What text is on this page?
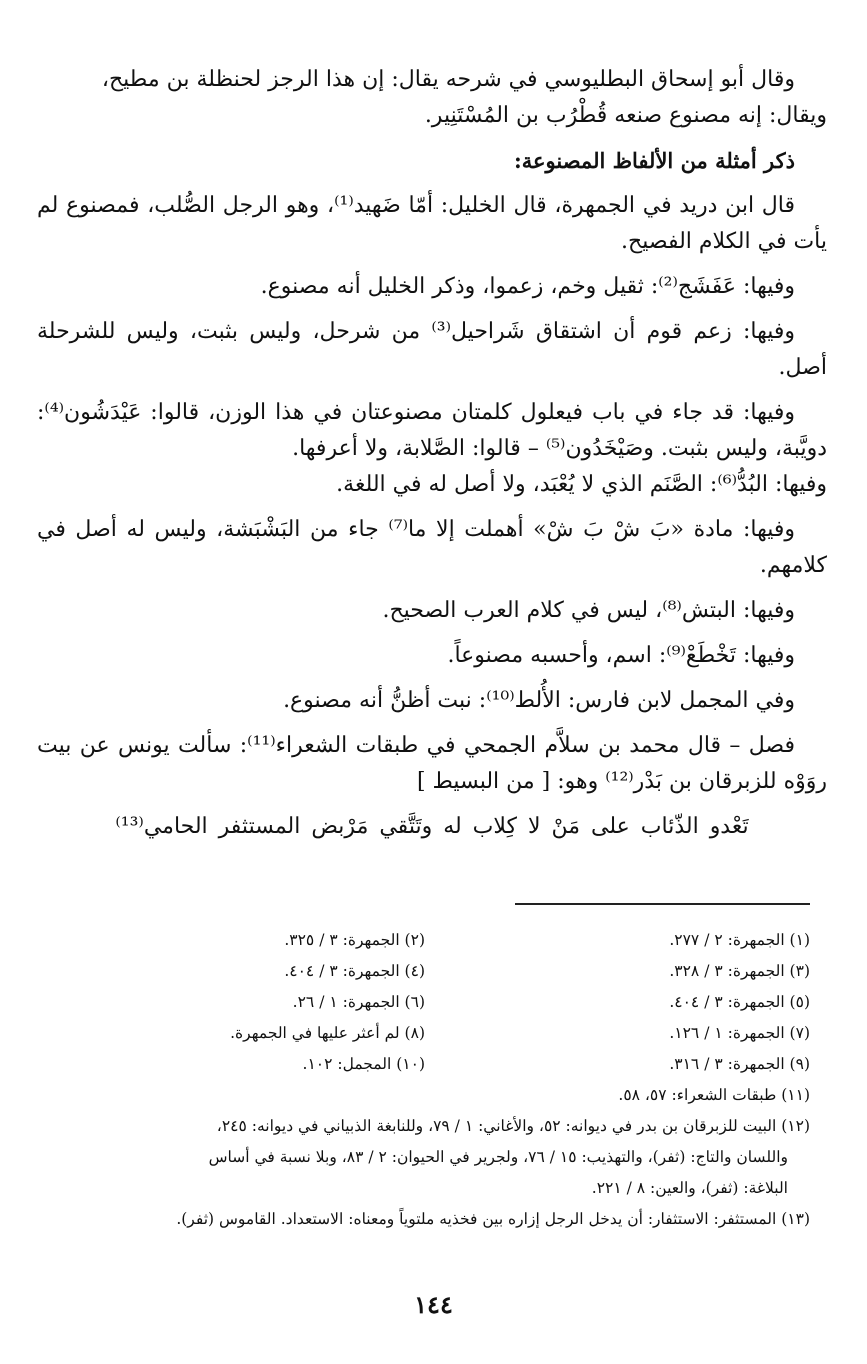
وقال أبو إسحاق البطليوسي في شرحه يقال: إن هذا الرجز لحنظلة بن مطيح،
ويقال: إنه مصنوع صنعه قُطْرُب بن المُسْتَنِير.

ذكر أمثلة من الألفاظ المصنوعة:

قال ابن دريد في الجمهرة، قال الخليل: أمّا ضَهيد⁽¹⁾، وهو الرجل الصُّلب، فمصنوع لم يأت في الكلام الفصيح.

وفيها: عَفَشَج⁽²⁾: ثقيل وخم، زعموا، وذكر الخليل أنه مصنوع.

وفيها: زعم قوم أن اشتقاق شَراحيل⁽³⁾ من شرحل، وليس بثبت، وليس للشرحلة أصل.

وفيها: قد جاء في باب فيعلول كلمتان مصنوعتان في هذا الوزن، قالوا: عَيْدَشُون⁽⁴⁾: دويَّبة، وليس بثبت. وصَيْخَدُون⁽⁵⁾ – قالوا: الصَّلابة، ولا أعرفها.
وفيها: البُدُّ⁽⁶⁾: الصَّنَم الذي لا يُعْبَد، ولا أصل له في اللغة.

وفيها: مادة «بَ شْ بَ شْ» أهملت إلا ما⁽⁷⁾ جاء من البَشْبَشة، وليس له أصل في كلامهم.

وفيها: البتش⁽⁸⁾، ليس في كلام العرب الصحيح.

وفيها: تَخْطَعْ⁽⁹⁾: اسم، وأحسبه مصنوعاً.

وفي المجمل لابن فارس: الأُلط⁽¹⁰⁾: نبت أظنُّ أنه مصنوع.

فصل – قال محمد بن سلاَّم الجمحي في طبقات الشعراء⁽¹¹⁾: سألت يونس عن بيت روَوْه للزبرقان بن بَدْر⁽¹²⁾ وهو: [ من البسيط ]

تَعْدو الذّئاب على مَنْ لا كِلاب له وتَتَّقي مَرْبض المستثفر الحامي⁽¹³⁾

(١) الجمهرة: ٢ / ٢٧٧.
(٢) الجمهرة: ٣ / ٣٢٥.
(٣) الجمهرة: ٣ / ٣٢٨.
(٤) الجمهرة: ٣ / ٤٠٤.
(٥) الجمهرة: ٣ / ٤٠٤.
(٦) الجمهرة: ١ / ٢٦.
(٧) الجمهرة: ١ / ١٢٦.
(٨) لم أعثر عليها في الجمهرة.
(٩) الجمهرة: ٣ / ٣١٦.
(١٠) المجمل: ١٠٢.

(١١) طبقات الشعراء: ٥٧، ٥٨.

(١٢) البيت للزبرقان بن بدر في ديوانه: ٥٢، والأغاني: ١ / ٧٩، وللنابغة الذبياني في ديوانه: ٢٤٥،
واللسان والتاج: (ثفر)، والتهذيب: ١٥ / ٧٦، ولجرير في الحيوان: ٢ / ٨٣، وبلا نسبة في أساس
البلاغة: (ثفر)، والعين: ٨ / ٢٢١.

(١٣) المستثفر: الاستثفار: أن يدخل الرجل إزاره بين فخذيه ملتوياً ومعناه: الاستعداد. القاموس (ثفر).

١٤٤
